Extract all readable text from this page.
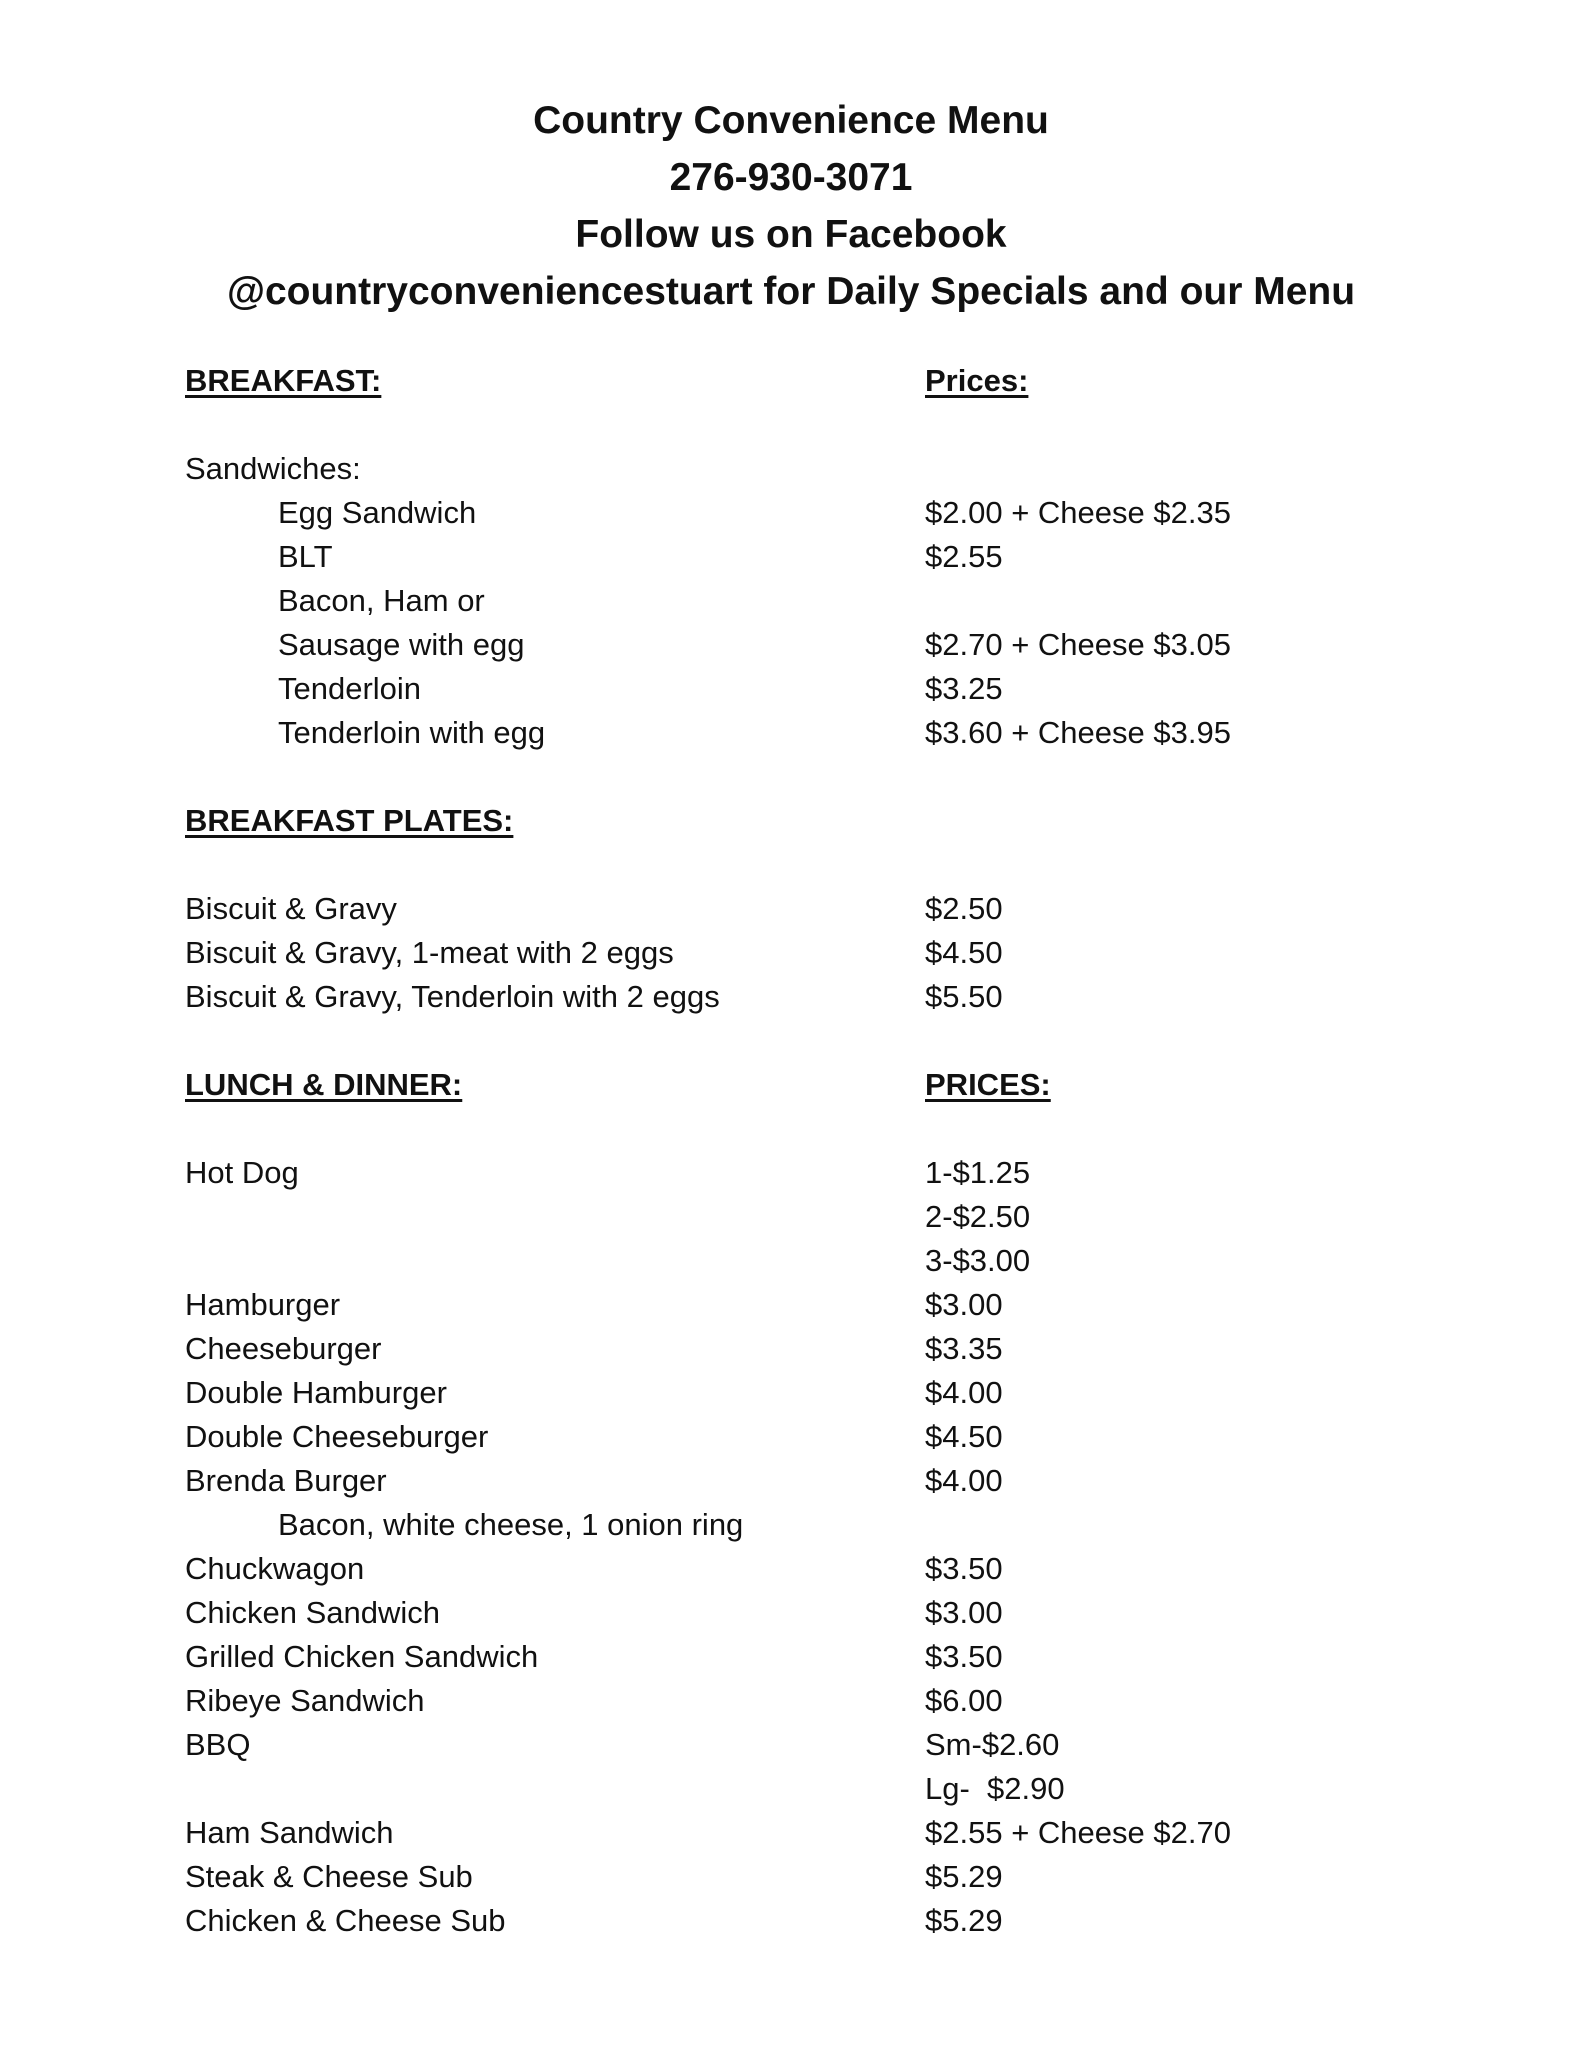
Country Convenience Menu
276-930-3071
Follow us on Facebook
@countryconveniencestuart for Daily Specials and our Menu
BREAKFAST:	Prices:
Sandwiches:
Egg Sandwich	$2.00 + Cheese $2.35
BLT	$2.55
Bacon, Ham or
Sausage with egg	$2.70 + Cheese $3.05
Tenderloin	$3.25
Tenderloin with egg	$3.60 + Cheese $3.95
BREAKFAST PLATES:
Biscuit & Gravy	$2.50
Biscuit & Gravy, 1-meat with 2 eggs	$4.50
Biscuit & Gravy, Tenderloin with 2 eggs	$5.50
LUNCH & DINNER:	PRICES:
Hot Dog	1-$1.25
2-$2.50
3-$3.00
Hamburger	$3.00
Cheeseburger	$3.35
Double Hamburger	$4.00
Double Cheeseburger	$4.50
Brenda Burger	$4.00
Bacon, white cheese, 1 onion ring
Chuckwagon	$3.50
Chicken Sandwich	$3.00
Grilled Chicken Sandwich	$3.50
Ribeye Sandwich	$6.00
BBQ	Sm-$2.60
Lg-  $2.90
Ham Sandwich	$2.55 + Cheese $2.70
Steak & Cheese Sub	$5.29
Chicken & Cheese Sub	$5.29
